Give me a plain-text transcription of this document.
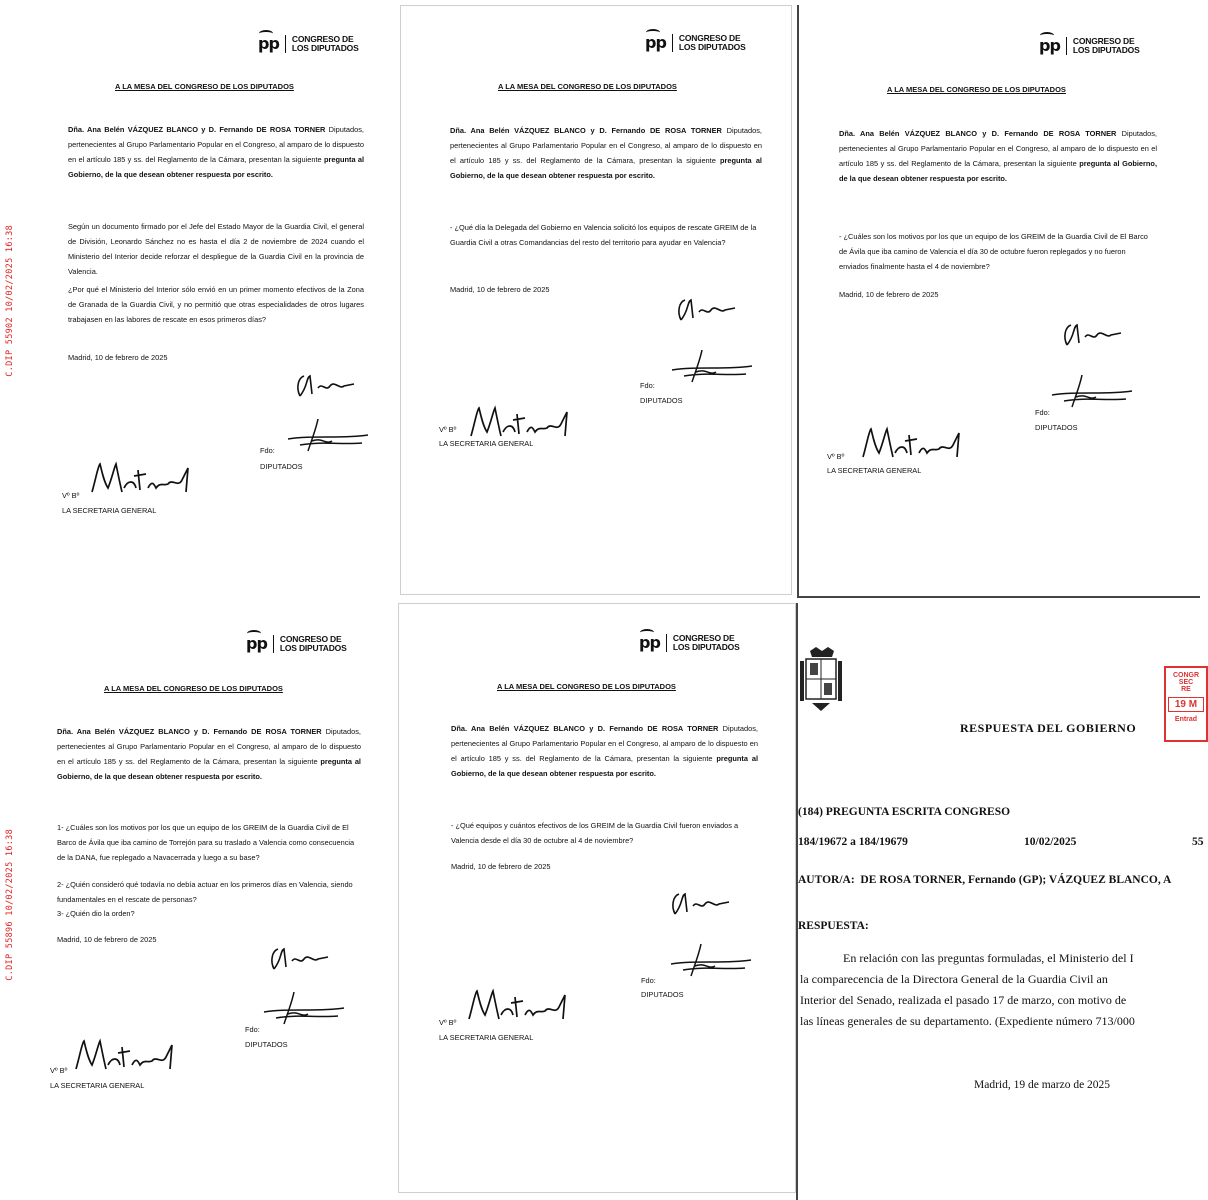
pp CONGRESO DE
LOS DIPUTADOS
A LA MESA DEL CONGRESO DE LOS DIPUTADOS
Dña. Ana Belén VÁZQUEZ BLANCO y D. Fernando DE ROSA TORNER Diputados, pertenecientes al Grupo Parlamentario Popular en el Congreso, al amparo de lo dispuesto en el artículo 185 y ss. del Reglamento de la Cámara, presentan la siguiente pregunta al Gobierno, de la que desean obtener respuesta por escrito.
Según un documento firmado por el Jefe del Estado Mayor de la Guardia Civil, el general de División, Leonardo Sánchez no es hasta el día 2 de noviembre de 2024 cuando el Ministerio del Interior decide reforzar el despliegue de la Guardia Civil en la provincia de Valencia.
¿Por qué el Ministerio del Interior sólo envió en un primer momento efectivos de la Zona de Granada de la Guardia Civil, y no permitió que otras especialidades de otros lugares trabajasen en las labores de rescate en esos primeros días?
Madrid, 10 de febrero de 2025
Fdo:
DIPUTADOS
Vº Bº
LA SECRETARIA GENERAL
C.DIP 55902 10/02/2025 16:38
pp CONGRESO DE
LOS DIPUTADOS
A LA MESA DEL CONGRESO DE LOS DIPUTADOS
Dña. Ana Belén VÁZQUEZ BLANCO y D. Fernando DE ROSA TORNER Diputados, pertenecientes al Grupo Parlamentario Popular en el Congreso, al amparo de lo dispuesto en el artículo 185 y ss. del Reglamento de la Cámara, presentan la siguiente pregunta al Gobierno, de la que desean obtener respuesta por escrito.
- ¿Qué día la Delegada del Gobierno en Valencia solicitó los equipos de rescate GREIM de la Guardia Civil a otras Comandancias del resto del territorio para ayudar en Valencia?
Madrid, 10 de febrero de 2025
Fdo:
DIPUTADOS
Vº Bº
LA SECRETARIA GENERAL
pp CONGRESO DE
LOS DIPUTADOS
A LA MESA DEL CONGRESO DE LOS DIPUTADOS
Dña. Ana Belén VÁZQUEZ BLANCO y D. Fernando DE ROSA TORNER Diputados, pertenecientes al Grupo Parlamentario Popular en el Congreso, al amparo de lo dispuesto en el artículo 185 y ss. del Reglamento de la Cámara, presentan la siguiente pregunta al Gobierno, de la que desean obtener respuesta por escrito.
- ¿Cuáles son los motivos por los que un equipo de los GREIM de la Guardia Civil de El Barco de Ávila que iba camino de Valencia el día 30 de octubre fueron replegados y no fueron enviados finalmente hasta el 4 de noviembre?
Madrid, 10 de febrero de 2025
Fdo:
DIPUTADOS
Vº Bº
LA SECRETARIA GENERAL
pp CONGRESO DE
LOS DIPUTADOS
A LA MESA DEL CONGRESO DE LOS DIPUTADOS
Dña. Ana Belén VÁZQUEZ BLANCO y D. Fernando DE ROSA TORNER Diputados, pertenecientes al Grupo Parlamentario Popular en el Congreso, al amparo de lo dispuesto en el artículo 185 y ss. del Reglamento de la Cámara, presentan la siguiente pregunta al Gobierno, de la que desean obtener respuesta por escrito.
1- ¿Cuáles son los motivos por los que un equipo de los GREIM de la Guardia Civil de El Barco de Ávila que iba camino de Torrejón para su traslado a Valencia como consecuencia de la DANA, fue replegado a Navacerrada y luego a su base?
2- ¿Quién consideró qué todavía no debía actuar en los primeros días en Valencia, siendo fundamentales en el rescate de personas?
3- ¿Quién dio la orden?
Madrid, 10 de febrero de 2025
Fdo:
DIPUTADOS
Vº Bº
LA SECRETARIA GENERAL
C.DIP 55896 10/02/2025 16:38
pp CONGRESO DE
LOS DIPUTADOS
A LA MESA DEL CONGRESO DE LOS DIPUTADOS
Dña. Ana Belén VÁZQUEZ BLANCO y D. Fernando DE ROSA TORNER Diputados, pertenecientes al Grupo Parlamentario Popular en el Congreso, al amparo de lo dispuesto en el artículo 185 y ss. del Reglamento de la Cámara, presentan la siguiente pregunta al Gobierno, de la que desean obtener respuesta por escrito.
- ¿Qué equipos y cuántos efectivos de los GREIM de la Guardia Civil fueron enviados a Valencia desde el día 30 de octubre al 4 de noviembre?
Madrid, 10 de febrero de 2025
Fdo:
DIPUTADOS
Vº Bº
LA SECRETARIA GENERAL
CONGR
SEC
RE
19 M
Entrad
RESPUESTA DEL GOBIERNO
(184) PREGUNTA ESCRITA CONGRESO
184/19672 a 184/19679	10/02/2025	55
AUTOR/A: DE ROSA TORNER, Fernando (GP); VÁZQUEZ BLANCO, A
RESPUESTA:
En relación con las preguntas formuladas, el Ministerio del I
la comparecencia de la Directora General de la Guardia Civil an
Interior del Senado, realizada el pasado 17 de marzo, con motivo de
las líneas generales de su departamento. (Expediente número 713/000
Madrid, 19 de marzo de 2025
